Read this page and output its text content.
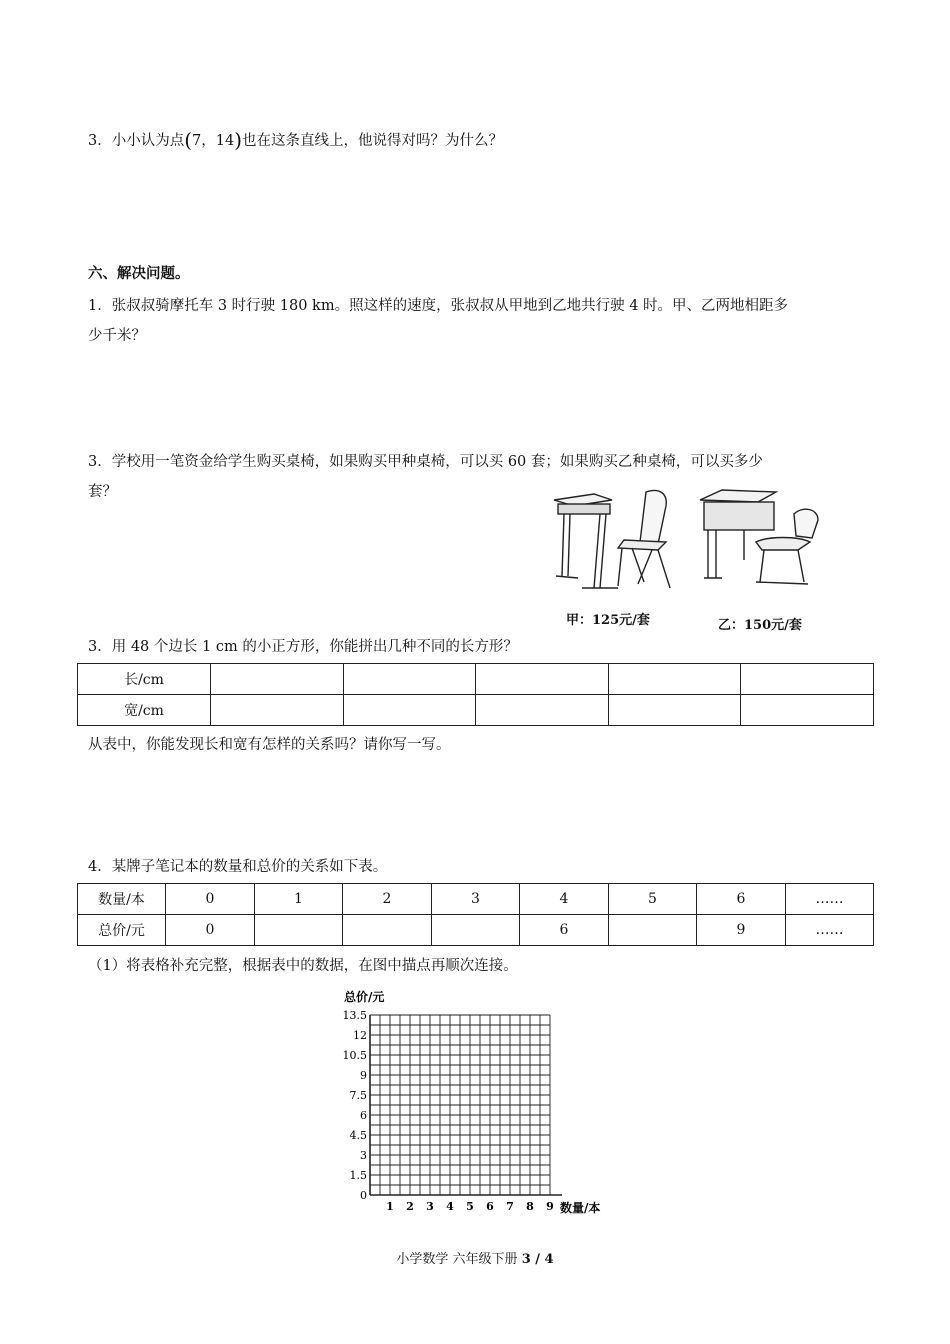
3．小小认为点(7，14)也在这条直线上，他说得对吗？为什么？
六、解决问题。
1．张叔叔骑摩托车 3 时行驶 180 km。照这样的速度，张叔叔从甲地到乙地共行驶 4 时。甲、乙两地相距多
少千米？
3．学校用一笔资金给学生购买桌椅，如果购买甲种桌椅，可以买 60 套；如果购买乙种桌椅，可以买多少
套？
甲：125元/套	乙：150元/套
3．用 48 个边长 1 cm 的小正方形，你能拼出几种不同的长方形？
长/cm					
宽/cm					
从表中，你能发现长和宽有怎样的关系吗？请你写一写。
4．某牌子笔记本的数量和总价的关系如下表。
数量/本	0	1	2	3	4	5	6	……
总价/元	0				6		9	……
（1）将表格补充完整，根据表中的数据，在图中描点再顺次连接。
总价/元
数量/本
0
1.5
3
4.5
6
7.5
9
10.5
12
13.5
1 2 3 4 5 6 7 8 9
小学数学 六年级下册 3 / 4
